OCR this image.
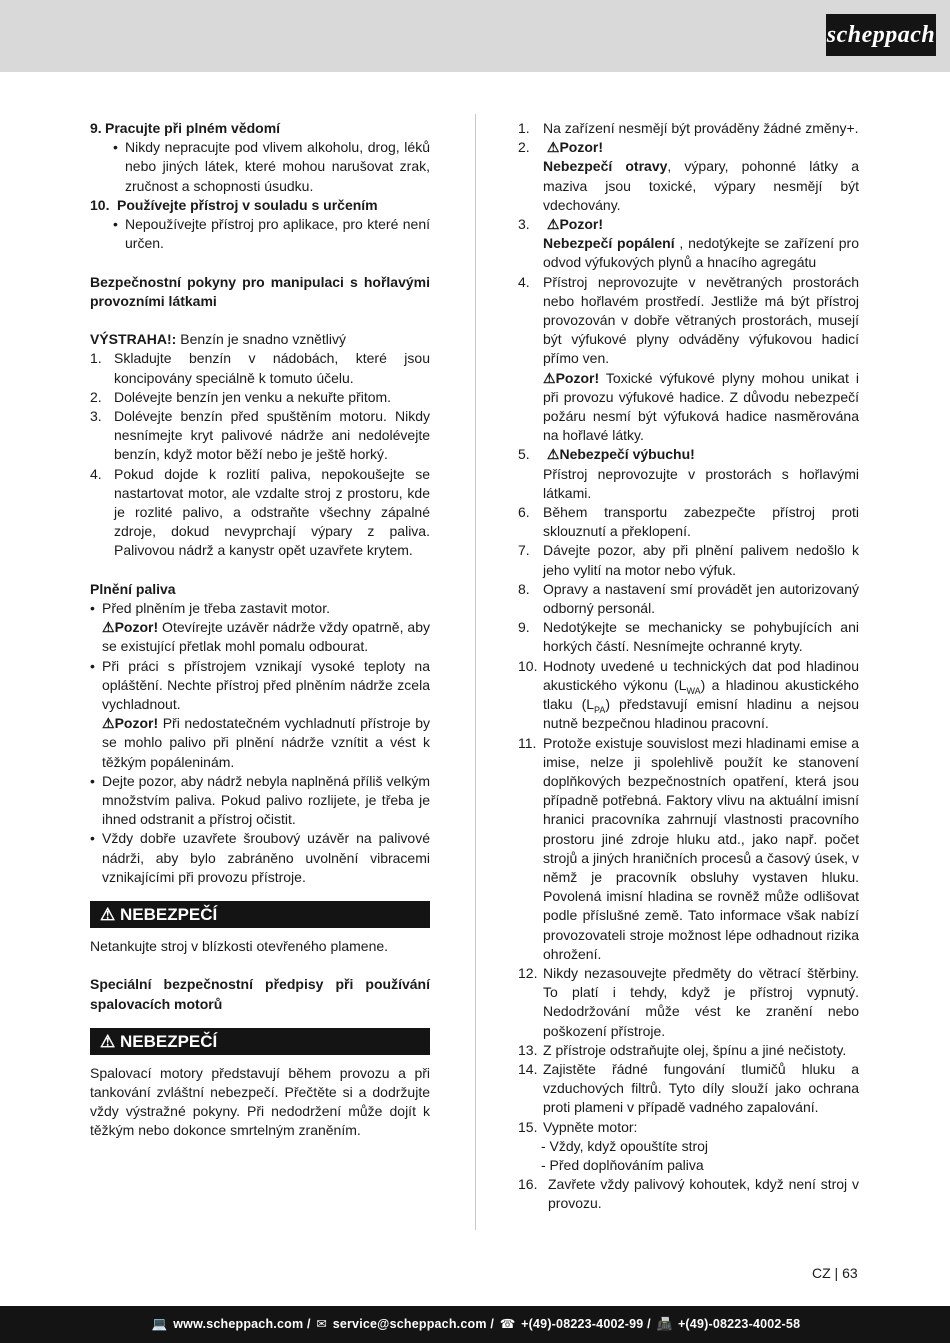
scheppach
9. Pracujte při plném vědomí
• Nikdy nepracujte pod vlivem alkoholu, drog, léků nebo jiných látek, které mohou narušovat zrak, zručnost a schopnosti úsudku.
10. Používejte přístroj v souladu s určením
• Nepoužívejte přístroj pro aplikace, pro které není určen.
Bezpečnostní pokyny pro manipulaci s hořlavými provozními látkami
VÝSTRAHA!: Benzín je snadno vznětlivý
1. Skladujte benzín v nádobách, které jsou koncipovány speciálně k tomuto účelu.
2. Dolévejte benzín jen venku a nekuřte přitom.
3. Dolévejte benzín před spuštěním motoru. Nikdy nesnímejte kryt palivové nádrže ani nedolévejte benzín, když motor běží nebo je ještě horký.
4. Pokud dojde k rozlití paliva, nepokoušejte se nastartovat motor, ale vzdalte stroj z prostoru, kde je rozlité palivo, a odstraňte všechny zápalné zdroje, dokud nevyprchají výpary z paliva. Palivovou nádrž a kanystr opět uzavřete krytem.
Plnění paliva
• Před plněním je třeba zastavit motor.
⚠Pozor! Otevírejte uzávěr nádrže vždy opatrně, aby se existující přetlak mohl pomalu odbourat.
• Při práci s přístrojem vznikají vysoké teploty na opláštění. Nechte přístroj před plněním nádrže zcela vychladnout.
⚠Pozor! Při nedostatečném vychladnutí přístroje by se mohlo palivo při plnění nádrže vznítit a vést k těžkým popáleninám.
• Dejte pozor, aby nádrž nebyla naplněná příliš velkým množstvím paliva. Pokud palivo rozlijete, je třeba je ihned odstranit a přístroj očistit.
• Vždy dobře uzavřete šroubový uzávěr na palivové nádrži, aby bylo zabráněno uvolnění vibracemi vznikajícími při provozu přístroje.
⚠ NEBEZPEČÍ
Netankujte stroj v blízkosti otevřeného plamene.
Speciální bezpečnostní předpisy při používání spalovacích motorů
⚠ NEBEZPEČÍ
Spalovací motory představují během provozu a při tankování zvláštní nebezpečí. Přečtěte si a dodržujte vždy výstražné pokyny. Při nedodržení může dojít k těžkým nebo dokonce smrtelným zraněním.
1. Na zařízení nesmějí být prováděny žádné změny+.
2. ⚠Pozor!
Nebezpečí otravy, výpary, pohonné látky a maziva jsou toxické, výpary nesmějí být vdechovány.
3. ⚠Pozor!
Nebezpečí popálení , nedotýkejte se zařízení pro odvod výfukových plynů a hnacího agregátu
4. Přístroj neprovozujte v nevětraných prostorách nebo hořlavém prostředí. Jestliže má být přístroj provozován v dobře větraných prostorách, musejí být výfukové plyny odváděny výfukovou hadicí přímo ven.
⚠Pozor! Toxické výfukové plyny mohou unikat i při provozu výfukové hadice. Z důvodu nebezpečí požáru nesmí být výfuková hadice nasměrována na hořlavé látky.
5. ⚠Nebezpečí výbuchu!
Přístroj neprovozujte v prostorách s hořlavými látkami.
6. Během transportu zabezpečte přístroj proti sklouznutí a překlopení.
7. Dávejte pozor, aby při plnění palivem nedošlo k jeho vylití na motor nebo výfuk.
8. Opravy a nastavení smí provádět jen autorizovaný odborný personál.
9. Nedotýkejte se mechanicky se pohybujících ani horkých částí. Nesnímejte ochranné kryty.
10. Hodnoty uvedené u technických dat pod hladinou akustického výkonu $(L_{WA})$ a hladinou akustického tlaku $(L_{PA})$ představují emisní hladinu a nejsou nutně bezpečnou hladinou pracovní.
11. Protože existuje souvislost mezi hladinami emise a imise, nelze ji spolehlivě použít ke stanovení doplňkových bezpečnostních opatření, která jsou případně potřebná. Faktory vlivu na aktuální imisní hranici pracovníka zahrnují vlastnosti pracovního prostoru jiné zdroje hluku atd., jako např. počet strojů a jiných hraničních procesů a časový úsek, v němž je pracovník obsluhy vystaven hluku. Povolená imisní hladina se rovněž může odlišovat podle příslušné země. Tato informace však nabízí provozovateli stroje možnost lépe odhadnout rizika ohrožení.
12. Nikdy nezasouvejte předměty do větrací štěrbiny. To platí i tehdy, když je přístroj vypnutý. Nedodržování může vést ke zranění nebo poškození přístroje.
13. Z přístroje odstraňujte olej, špínu a jiné nečistoty.
14. Zajistěte řádné fungování tlumičů hluku a vzduchových filtrů. Tyto díly slouží jako ochrana proti plameni v případě vadného zapalování.
15. Vypněte motor:
- Vždy, když opouštíte stroj
- Před doplňováním paliva
16. Zavřete vždy palivový kohoutek, když není stroj v provozu.
CZ | 63
💻 www.scheppach.com / ✉ service@scheppach.com / ☎ +(49)-08223-4002-99 / 📠 +(49)-08223-4002-58
